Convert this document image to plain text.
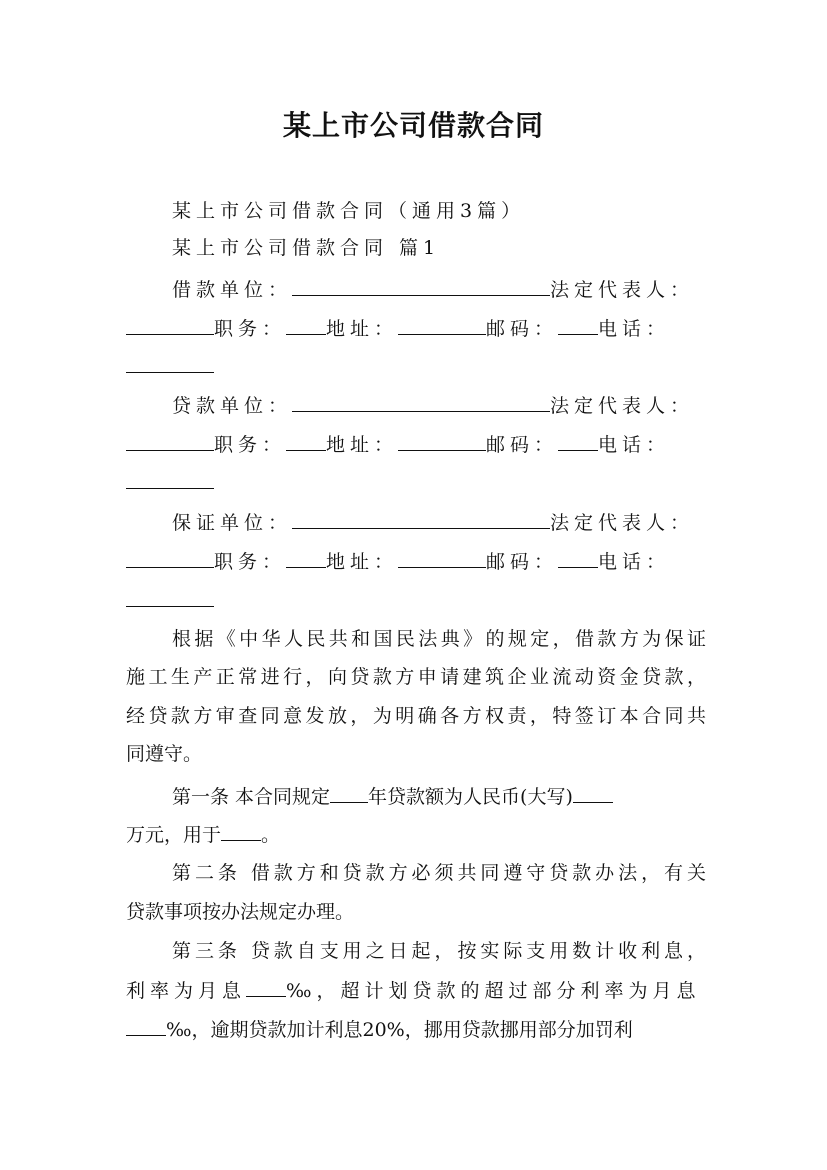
某上市公司借款合同
某上市公司借款合同（通用3篇）
某上市公司借款合同 篇1
借款单位：	法定代表人：
职务： 地址：	邮码： 电话：
贷款单位：	法定代表人：
职务： 地址：	邮码： 电话：
保证单位：	法定代表人：
职务： 地址：	邮码： 电话：
根据《中华人民共和国民法典》的规定，借款方为保证
施工生产正常进行，向贷款方申请建筑企业流动资金贷款，
经贷款方审查同意发放，为明确各方权责，特签订本合同共
同遵守。
第一条 本合同规定 年贷款额为人民币(大写)
万元，用于 。
第二条 借款方和贷款方必须共同遵守贷款办法，有关
贷款事项按办法规定办理。
第三条 贷款自支用之日起，按实际支用数计收利息，
利率为月息 ‰，超计划贷款的超过部分利率为月息
‰，逾期贷款加计利息20%，挪用贷款挪用部分加罚利
